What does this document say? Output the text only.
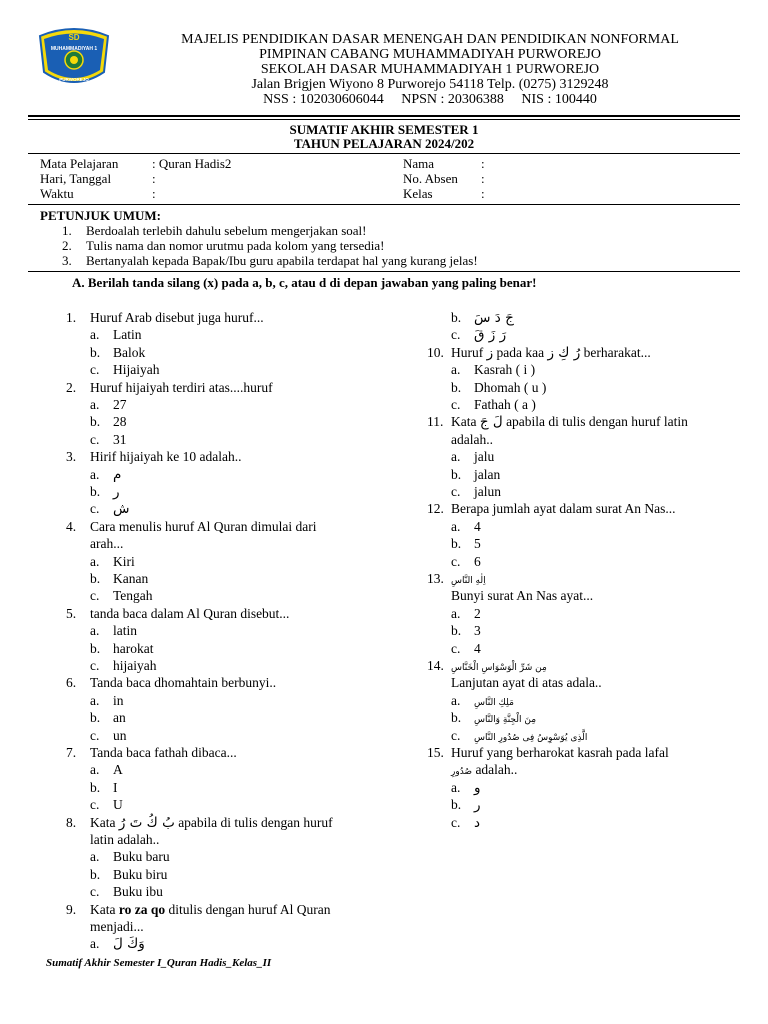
SD
MUHAMMADIYAH 1
PURWOREJO
MAJELIS PENDIDIKAN DASAR MENENGAH DAN PENDIDIKAN NONFORMAL
PIMPINAN CABANG MUHAMMADIYAH PURWOREJO
SEKOLAH DASAR MUHAMMADIYAH 1 PURWOREJO
Jalan Brigjen Wiyono 8 Purworejo 54118 Telp. (0275) 3129248
NSS : 102030606044     NPSN : 20306388     NIS : 100440
SUMATIF AKHIR SEMESTER 1
TAHUN PELAJARAN 2024/202
Mata Pelajaran	: Quran Hadis2
Hari, Tanggal	:
Waktu	:
Nama	:
No. Absen :
Kelas	:
PETUNJUK UMUM:
1. Berdoalah terlebih dahulu sebelum mengerjakan soal!
2. Tulis nama dan nomor urutmu pada kolom yang tersedia!
3. Bertanyalah kepada Bapak/Ibu guru apabila terdapat hal yang kurang jelas!
A. Berilah tanda silang (x) pada a, b, c, atau d di depan jawaban yang paling benar!
1. Huruf Arab disebut juga huruf...
a. Latin
b. Balok
c. Hijaiyah
2. Huruf hijaiyah terdiri atas....huruf
a. 27
b. 28
c. 31
3. Hirif hijaiyah ke 10 adalah..
a. م
b. ر
c. ش
4. Cara menulis huruf Al Quran dimulai dari
arah...
a. Kiri
b. Kanan
c. Tengah
5. tanda baca dalam Al Quran disebut...
a. latin
b. harokat
c. hijaiyah
6. Tanda baca dhomahtain berbunyi..
a. in
b. an
c. un
7. Tanda baca fathah dibaca...
a. A
b. I
c. U
8. Kata بُ كُ تَ رُ apabila di tulis dengan huruf
latin adalah..
a. Buku baru
b. Buku biru
c. Buku ibu
9. Kata ro za qo ditulis dengan huruf Al Quran
menjadi...
a. وَكَ لَ
b. جَ دَ سَ
c. رَ زَ قَ
10. Huruf ز pada kaa رُ كِ ز berharakat...
a. Kasrah ( i )
b. Dhomah ( u )
c. Fathah ( a )
11. Kata لَ جَ apabila di tulis dengan huruf latin
adalah..
a. jalu
b. jalan
c. jalun
12. Berapa jumlah ayat dalam surat An Nas...
a. 4
b. 5
c. 6
13. اِلٰهِ النَّاسِ
Bunyi surat An Nas ayat...
a. 2
b. 3
c. 4
14. مِن شَرِّ الْوَسْوَاسِ الْخَنَّاسِ
Lanjutan ayat di atas adala..
a. مَلِكِ النَّاسِ
b. مِنَ الْجِنَّةِ وَالنَّاسِ
c. الَّذِى يُوَسْوِسُ فِى صُدُورِ النَّاسِ
15. Huruf yang berharokat kasrah pada lafal
صُدُورِ adalah..
a. و
b. ر
c. د
Sumatif Akhir Semester I_Quran Hadis_Kelas_II
